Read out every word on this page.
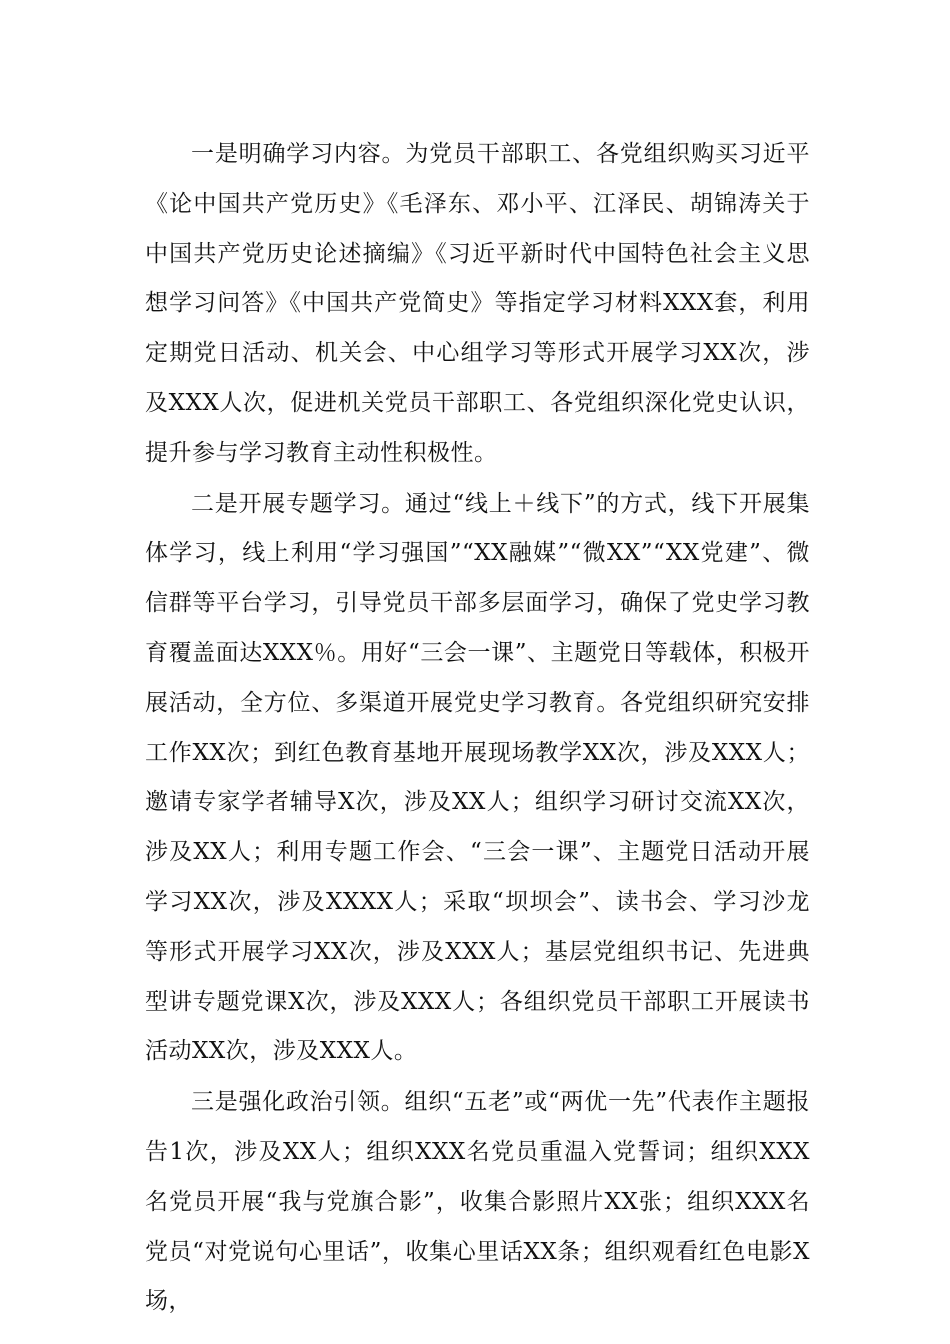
一是明确学习内容。为党员干部职工、各党组织购买习近平《论中国共产党历史》《毛泽东、邓小平、江泽民、胡锦涛关于中国共产党历史论述摘编》《习近平新时代中国特色社会主义思想学习问答》《中国共产党简史》等指定学习材料XXX套，利用定期党日活动、机关会、中心组学习等形式开展学习XX次，涉及XXX人次，促进机关党员干部职工、各党组织深化党史认识，提升参与学习教育主动性积极性。

二是开展专题学习。通过“线上＋线下”的方式，线下开展集体学习，线上利用“学习强国”“XX融媒”“微XX”“XX党建”、微信群等平台学习，引导党员干部多层面学习，确保了党史学习教育覆盖面达XXX％。用好“三会一课”、主题党日等载体，积极开展活动，全方位、多渠道开展党史学习教育。各党组织研究安排工作XX次；到红色教育基地开展现场教学XX次，涉及XXX人；邀请专家学者辅导X次，涉及XX人；组织学习研讨交流XX次，涉及XX人；利用专题工作会、“三会一课”、主题党日活动开展学习XX次，涉及XXXX人；采取“坝坝会”、读书会、学习沙龙等形式开展学习XX次，涉及XXX人；基层党组织书记、先进典型讲专题党课X次，涉及XXX人；各组织党员干部职工开展读书活动XX次，涉及XXX人。

三是强化政治引领。组织“五老”或“两优一先”代表作主题报告1次，涉及XX人；组织XXX名党员重温入党誓词；组织XXX名党员开展“我与党旗合影”，收集合影照片XX张；组织XXX名党员“对党说句心里话”，收集心里话XX条；组织观看红色电影X场，
